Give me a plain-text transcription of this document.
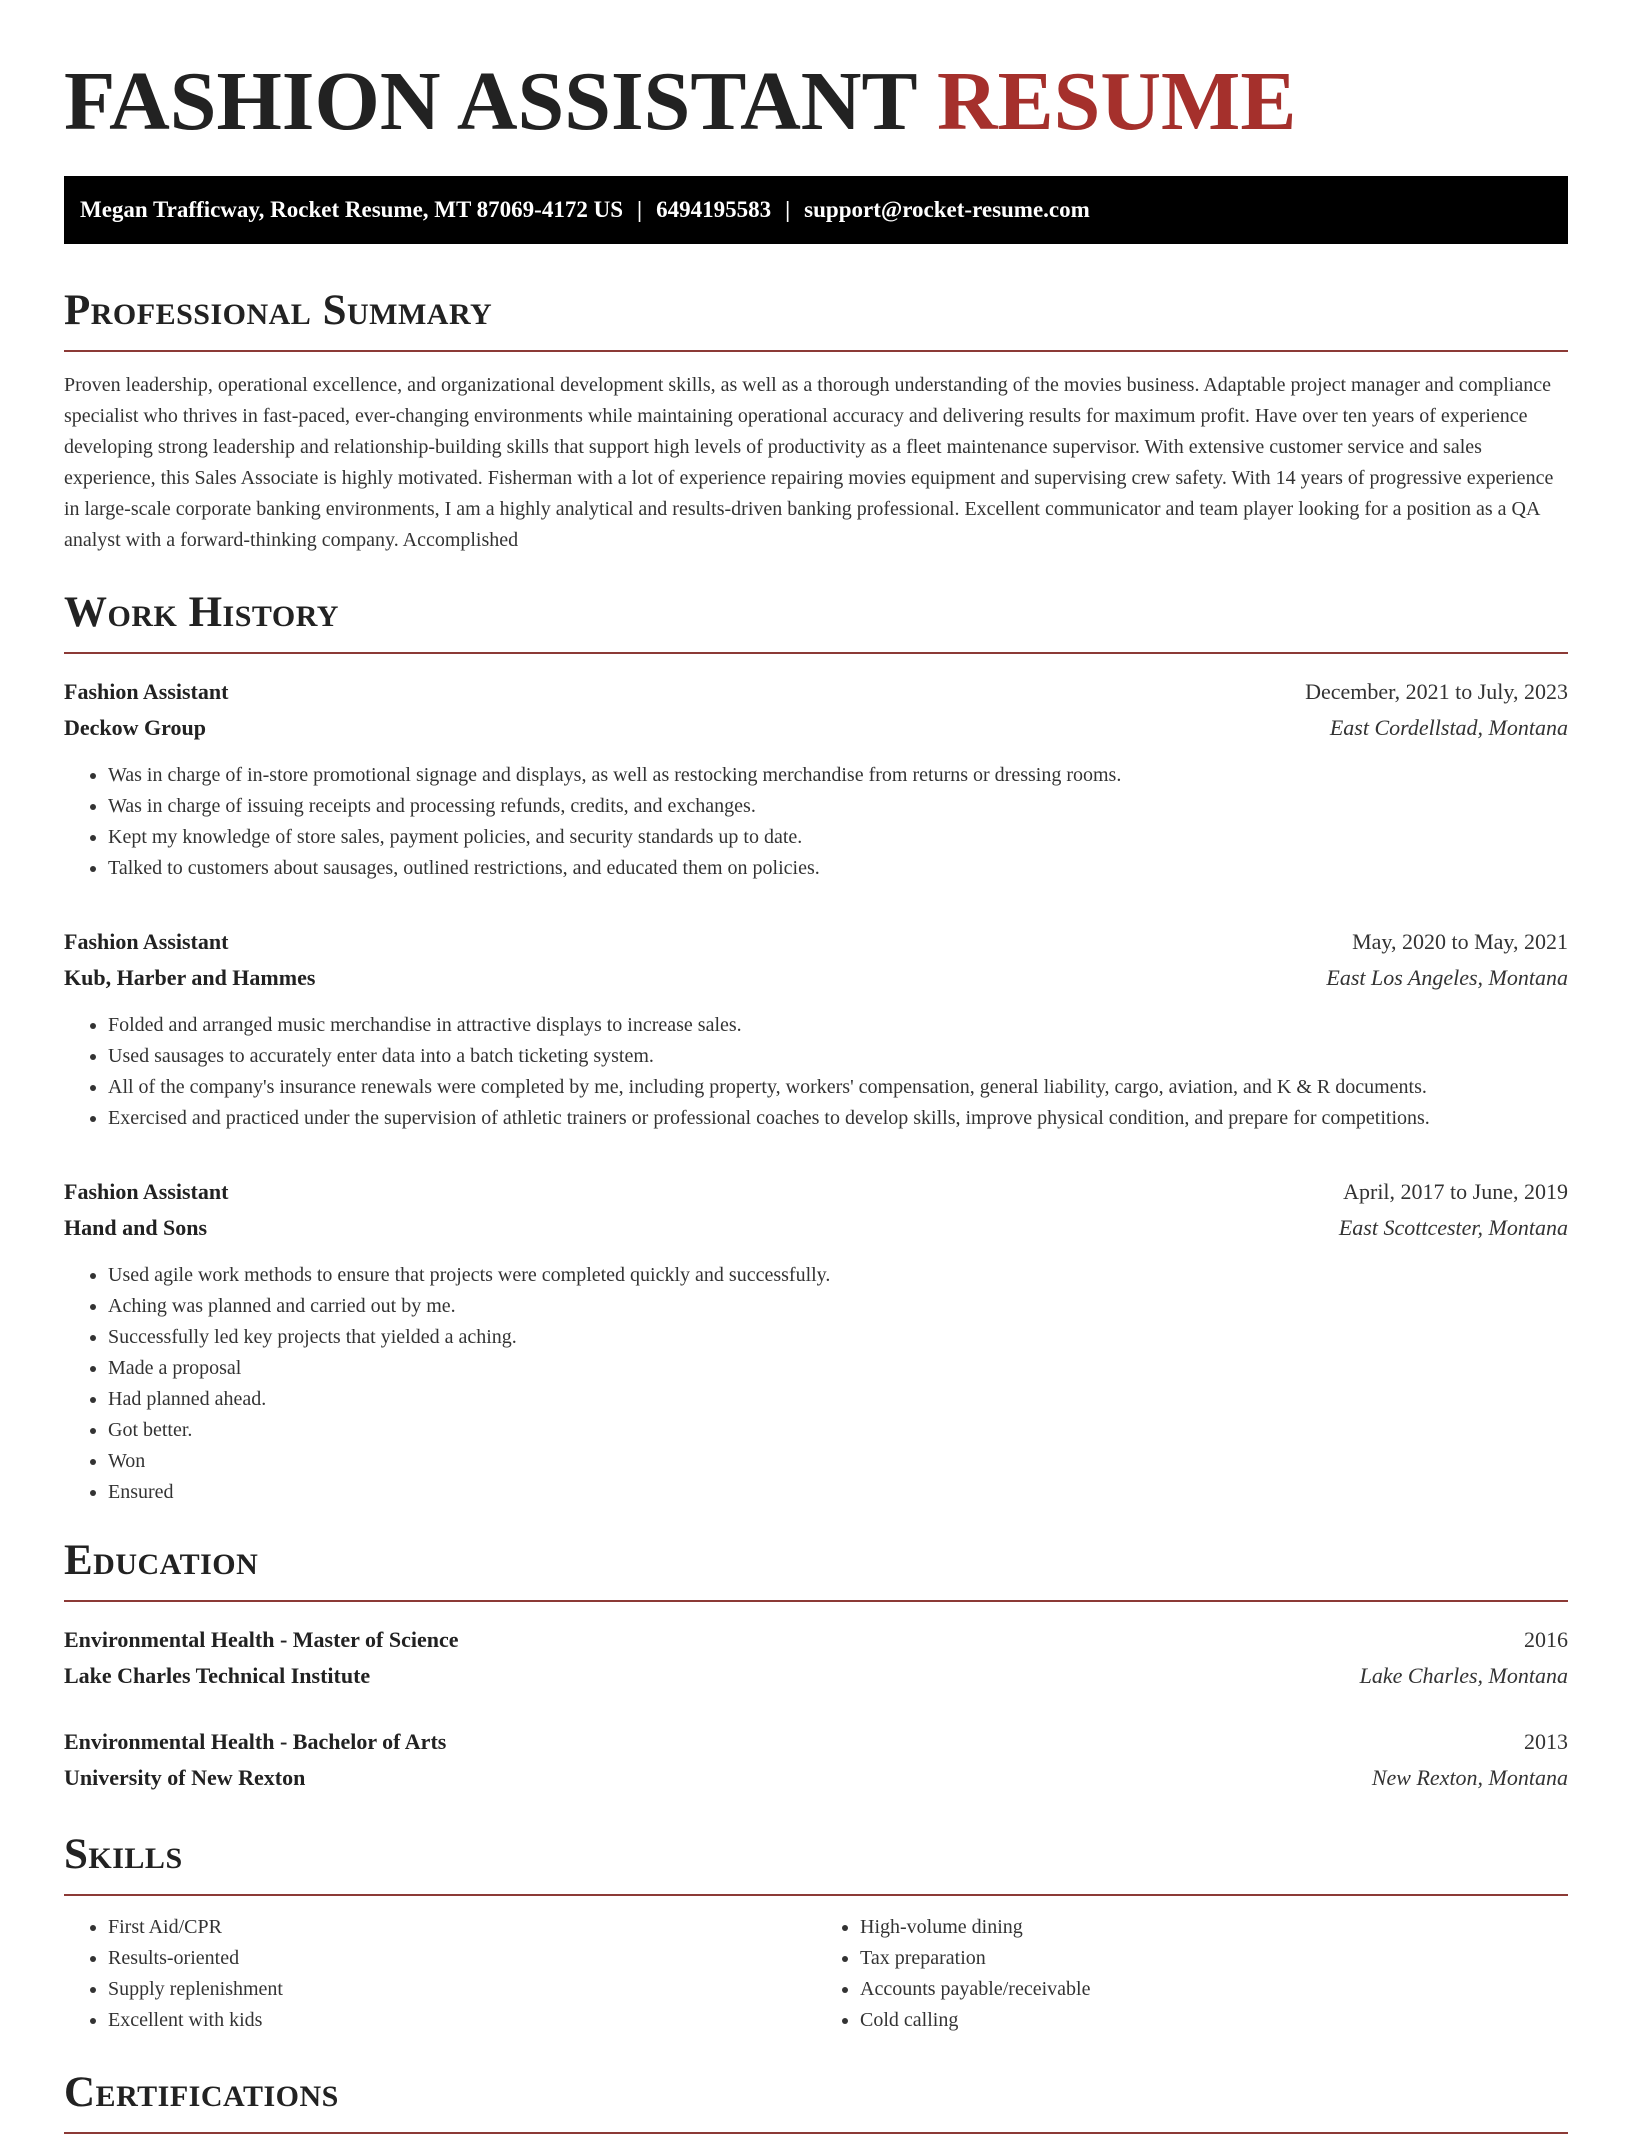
FASHION ASSISTANT RESUME
Megan Trafficway, Rocket Resume, MT 87069-4172 US | 6494195583 | support@rocket-resume.com
Professional Summary

Proven leadership, operational excellence, and organizational development skills, as well as a thorough understanding of the movies business. Adaptable project manager and compliance specialist who thrives in fast-paced, ever-changing environments while maintaining operational accuracy and delivering results for maximum profit. Have over ten years of experience developing strong leadership and relationship-building skills that support high levels of productivity as a fleet maintenance supervisor. With extensive customer service and sales experience, this Sales Associate is highly motivated. Fisherman with a lot of experience repairing movies equipment and supervising crew safety. With 14 years of progressive experience in large-scale corporate banking environments, I am a highly analytical and results-driven banking professional. Excellent communicator and team player looking for a position as a QA analyst with a forward-thinking company. Accomplished

Work History
Fashion Assistant	December, 2021 to July, 2023
Deckow Group	East Cordellstad, Montana
• Was in charge of in-store promotional signage and displays, as well as restocking merchandise from returns or dressing rooms.
• Was in charge of issuing receipts and processing refunds, credits, and exchanges.
• Kept my knowledge of store sales, payment policies, and security standards up to date.
• Talked to customers about sausages, outlined restrictions, and educated them on policies.
Fashion Assistant	May, 2020 to May, 2021
Kub, Harber and Hammes	East Los Angeles, Montana
• Folded and arranged music merchandise in attractive displays to increase sales.
• Used sausages to accurately enter data into a batch ticketing system.
• All of the company's insurance renewals were completed by me, including property, workers' compensation, general liability, cargo, aviation, and K & R documents.
• Exercised and practiced under the supervision of athletic trainers or professional coaches to develop skills, improve physical condition, and prepare for competitions.
Fashion Assistant	April, 2017 to June, 2019
Hand and Sons	East Scottcester, Montana
• Used agile work methods to ensure that projects were completed quickly and successfully.
• Aching was planned and carried out by me.
• Successfully led key projects that yielded a aching.
• Made a proposal
• Had planned ahead.
• Got better.
• Won
• Ensured
Education
Environmental Health - Master of Science	2016
Lake Charles Technical Institute	Lake Charles, Montana
Environmental Health - Bachelor of Arts	2013
University of New Rexton	New Rexton, Montana
Skills
• First Aid/CPR
• Results-oriented
• Supply replenishment
• Excellent with kids
• High-volume dining
• Tax preparation
• Accounts payable/receivable
• Cold calling
Certifications
